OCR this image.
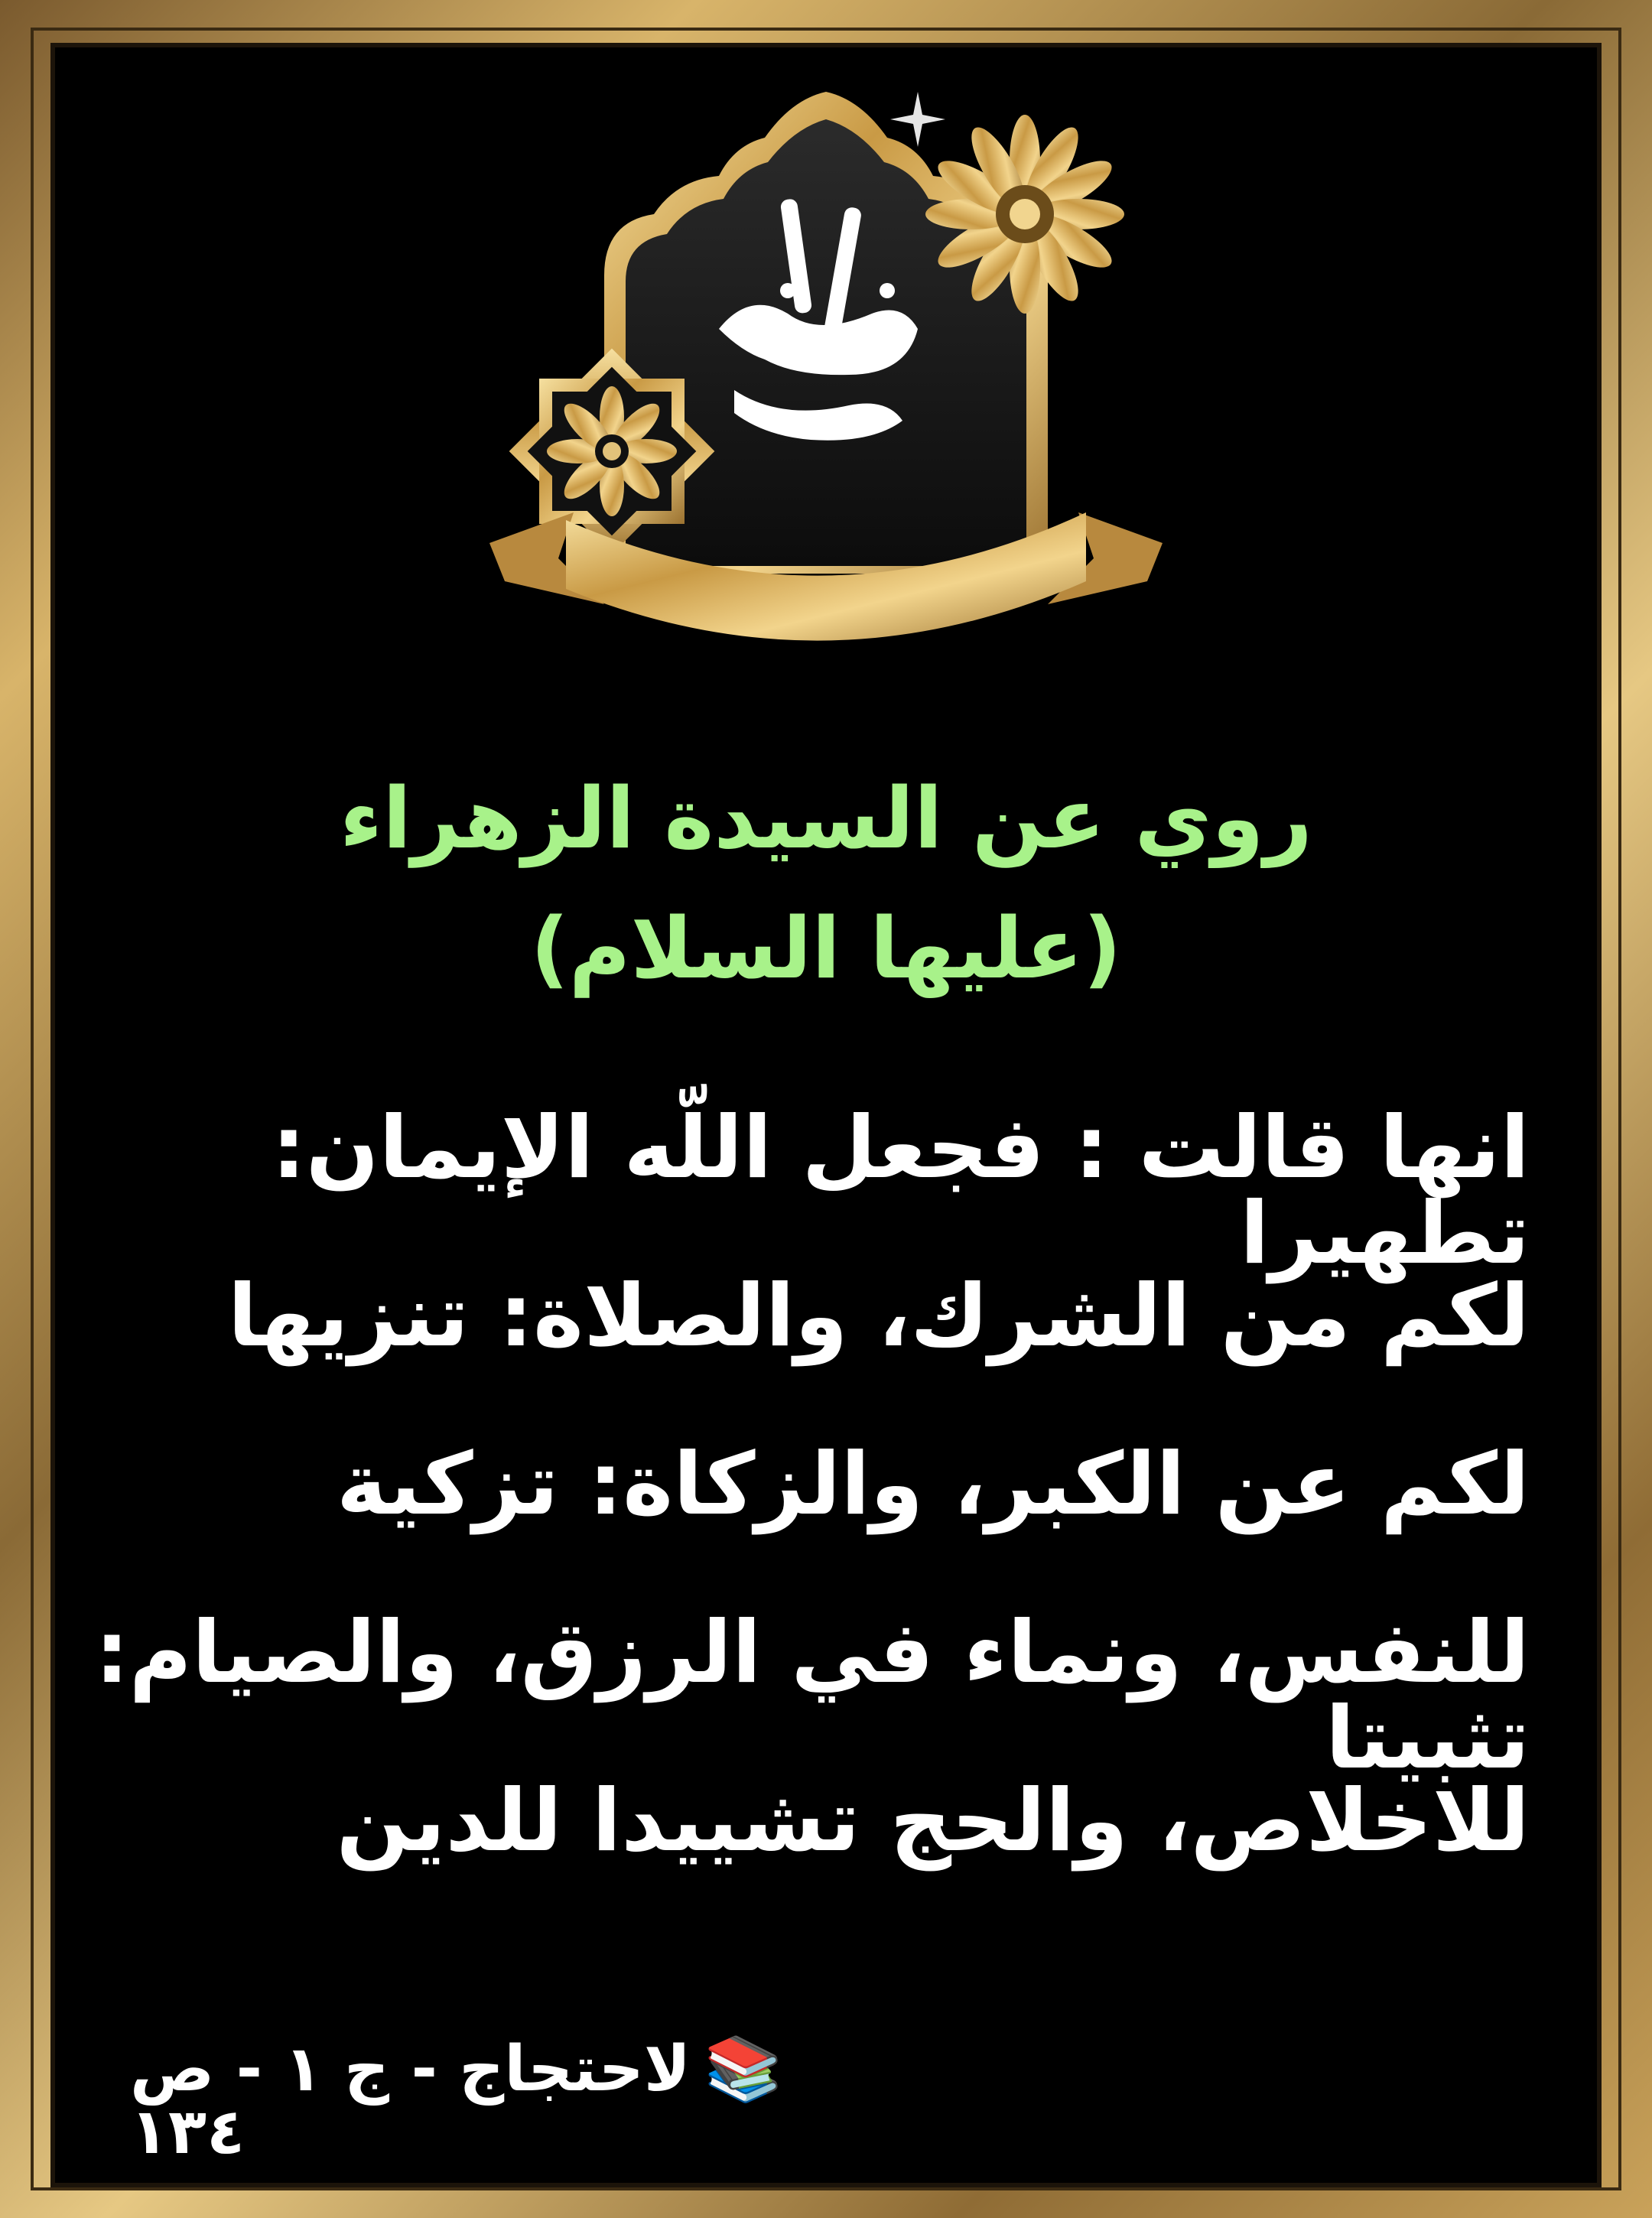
روي عن السيدة الزهراء
(عليها السلام)
انها قالت : فجعل اللّه الإيمان: تطهيرا
لكم من الشرك، والصلاة: تنزيها
لكم عن الكبر، والزكاة: تزكية
للنفس، ونماء في الرزق، والصيام: تثبيتا
للاخلاص، والحج تشييدا للدين
📚لاحتجاج - ج ١ - ص ١٣٤
